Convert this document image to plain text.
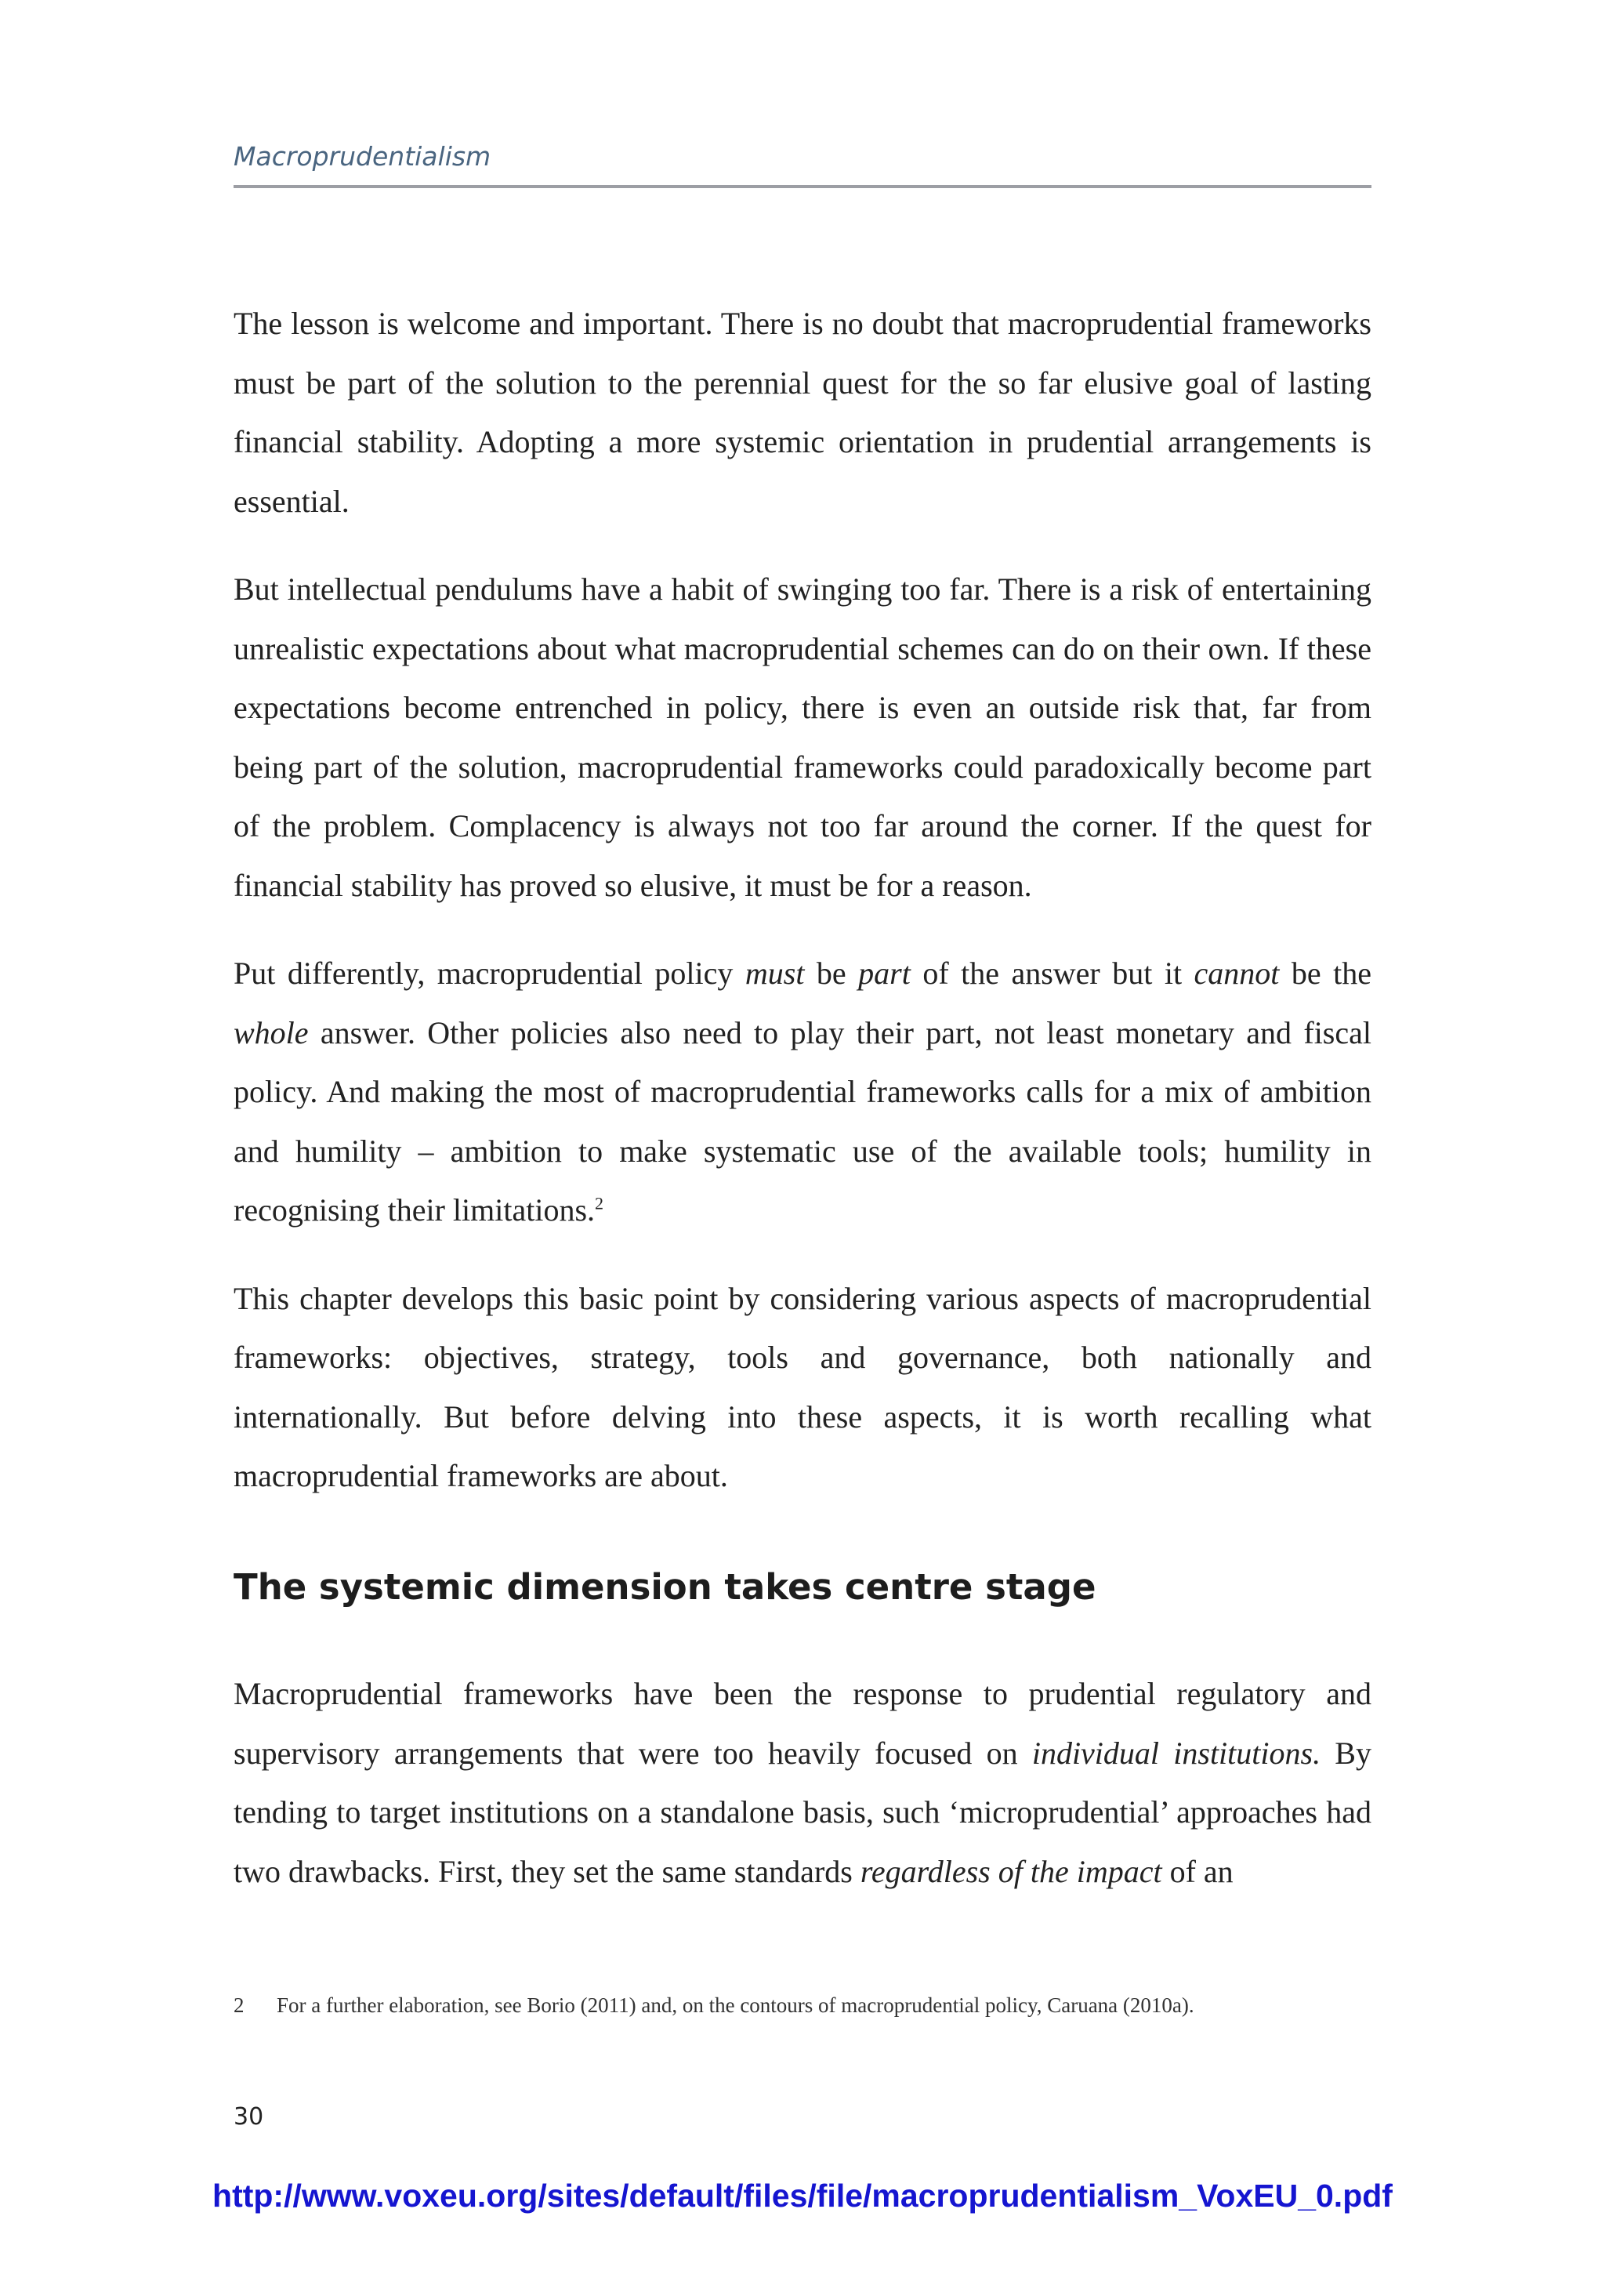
Macroprudentialism

The lesson is welcome and important. There is no doubt that macroprudential frameworks must be part of the solution to the perennial quest for the so far elusive goal of lasting financial stability. Adopting a more systemic orientation in prudential arrangements is essential.

But intellectual pendulums have a habit of swinging too far. There is a risk of entertaining unrealistic expectations about what macroprudential schemes can do on their own. If these expectations become entrenched in policy, there is even an outside risk that, far from being part of the solution, macroprudential frameworks could paradoxically become part of the problem. Complacency is always not too far around the corner. If the quest for financial stability has proved so elusive, it must be for a reason.

Put differently, macroprudential policy must be part of the answer but it cannot be the whole answer. Other policies also need to play their part, not least monetary and fiscal policy. And making the most of macroprudential frameworks calls for a mix of ambition and humility – ambition to make systematic use of the available tools; humility in recognising their limitations.$^2$

This chapter develops this basic point by considering various aspects of macroprudential frameworks: objectives, strategy, tools and governance, both nationally and internationally. But before delving into these aspects, it is worth recalling what macroprudential frameworks are about.

The systemic dimension takes centre stage

Macroprudential frameworks have been the response to prudential regulatory and supervisory arrangements that were too heavily focused on individual institutions. By tending to target institutions on a standalone basis, such ‘microprudential’ approaches had two drawbacks. First, they set the same standards regardless of the impact of an

2 For a further elaboration, see Borio (2011) and, on the contours of macroprudential policy, Caruana (2010a).
30
http://www.voxeu.org/sites/default/files/file/macroprudentialism_VoxEU_0.pdf
